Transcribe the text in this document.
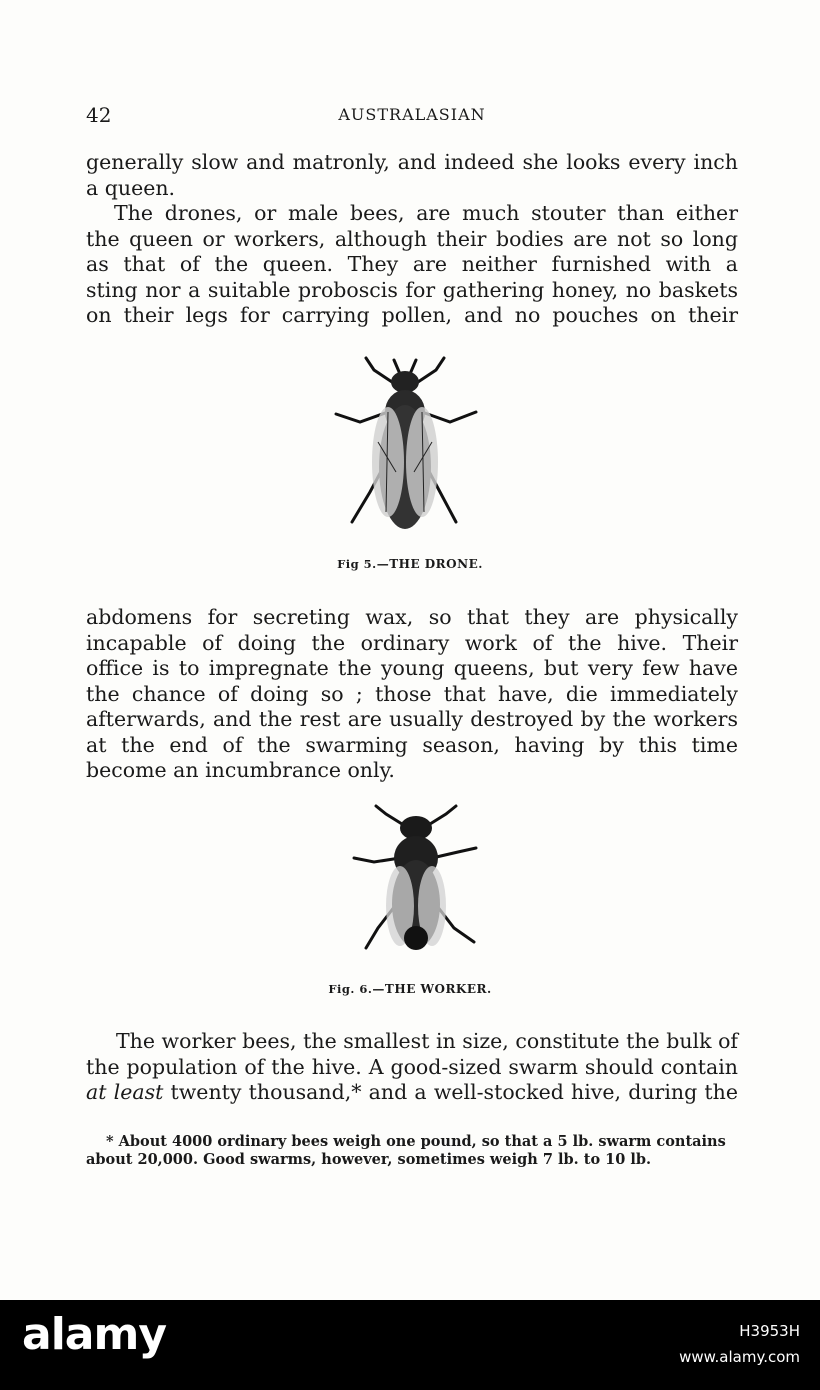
42	AUSTRALASIAN

generally slow and matronly, and indeed she looks every inch
a queen.

The drones, or male bees, are much stouter than either
the queen or workers, although their bodies are not so long
as that of the queen. They are neither furnished with a
sting nor a suitable proboscis for gathering honey, no baskets
on their legs for carrying pollen, and no pouches on their

Fig 5.—THE DRONE.

abdomens for secreting wax, so that they are physically
incapable of doing the ordinary work of the hive. Their
office is to impregnate the young queens, but very few have
the chance of doing so ; those that have, die immediately
afterwards, and the rest are usually destroyed by the workers
at the end of the swarming season, having by this time
become an incumbrance only.

Fig. 6.—THE WORKER.

The worker bees, the smallest in size, constitute the bulk of
the population of the hive. A good-sized swarm should contain
at least twenty thousand,* and a well-stocked hive, during the

* About 4000 ordinary bees weigh one pound, so that a 5 lb. swarm contains
about 20,000. Good swarms, however, sometimes weigh 7 lb. to 10 lb.
alamy	H3953H
www.alamy.com
